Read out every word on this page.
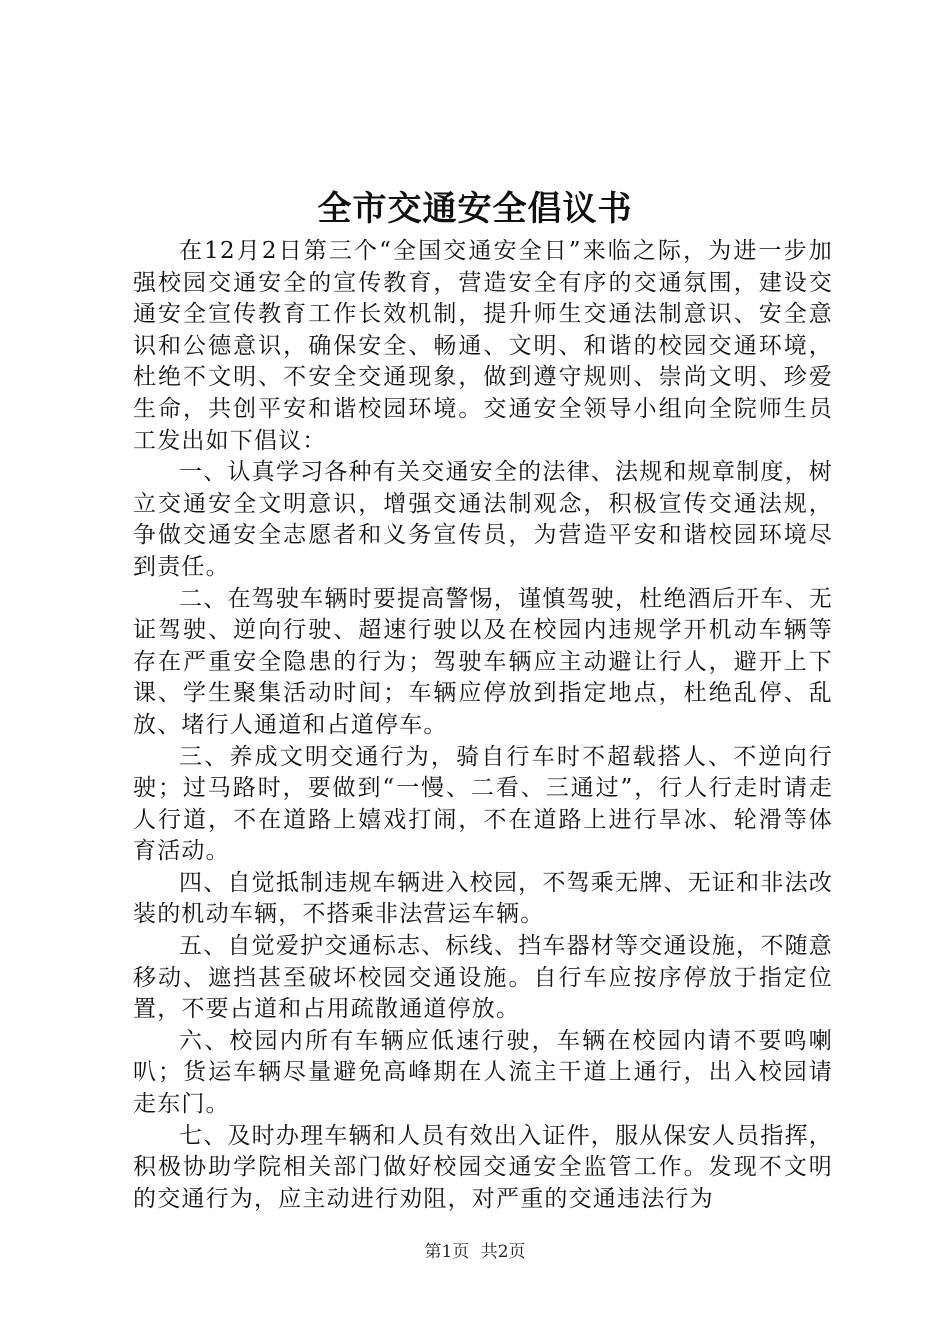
全市交通安全倡议书

在12月2日第三个“全国交通安全日”来临之际，为进一步加强校园交通安全的宣传教育，营造安全有序的交通氛围，建设交通安全宣传教育工作长效机制，提升师生交通法制意识、安全意识和公德意识，确保安全、畅通、文明、和谐的校园交通环境，杜绝不文明、不安全交通现象，做到遵守规则、崇尚文明、珍爱生命，共创平安和谐校园环境。交通安全领导小组向全院师生员工发出如下倡议：

一、认真学习各种有关交通安全的法律、法规和规章制度，树立交通安全文明意识，增强交通法制观念，积极宣传交通法规，争做交通安全志愿者和义务宣传员，为营造平安和谐校园环境尽到责任。

二、在驾驶车辆时要提高警惕，谨慎驾驶，杜绝酒后开车、无证驾驶、逆向行驶、超速行驶以及在校园内违规学开机动车辆等存在严重安全隐患的行为；驾驶车辆应主动避让行人，避开上下课、学生聚集活动时间；车辆应停放到指定地点，杜绝乱停、乱放、堵行人通道和占道停车。

三、养成文明交通行为，骑自行车时不超载搭人、不逆向行驶；过马路时，要做到“一慢、二看、三通过”，行人行走时请走人行道，不在道路上嬉戏打闹，不在道路上进行旱冰、轮滑等体育活动。

四、自觉抵制违规车辆进入校园，不驾乘无牌、无证和非法改装的机动车辆，不搭乘非法营运车辆。

五、自觉爱护交通标志、标线、挡车器材等交通设施，不随意移动、遮挡甚至破坏校园交通设施。自行车应按序停放于指定位置，不要占道和占用疏散通道停放。

六、校园内所有车辆应低速行驶，车辆在校园内请不要鸣喇叭；货运车辆尽量避免高峰期在人流主干道上通行，出入校园请走东门。

七、及时办理车辆和人员有效出入证件，服从保安人员指挥，积极协助学院相关部门做好校园交通安全监管工作。发现不文明的交通行为，应主动进行劝阻，对严重的交通违法行为

第1页 共2页
